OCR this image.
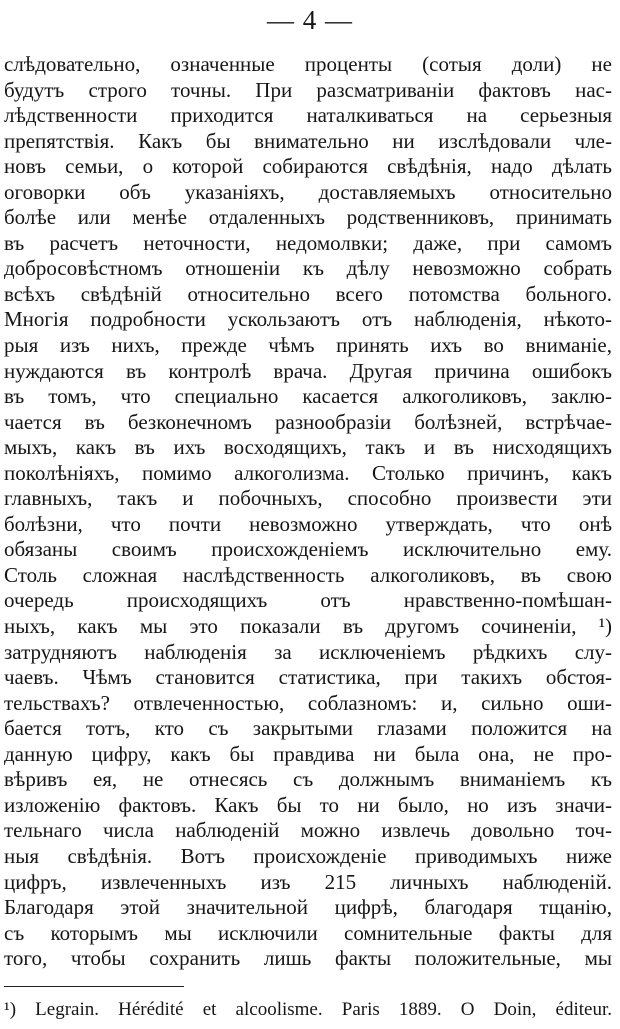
— 4 —
слѣдовательно, означенные проценты (сотыя доли) не
будутъ строго точны. При разсматриваніи фактовъ нас-
лѣдственности приходится наталкиваться на серьезныя
препятствія. Какъ бы внимательно ни изслѣдовали чле-
новъ семьи, о которой собираются свѣдѣнія, надо дѣлать
оговорки объ указаніяхъ, доставляемыхъ относительно
болѣе или менѣе отдаленныхъ родственниковъ, принимать
въ расчетъ неточности, недомолвки; даже, при самомъ
добросовѣстномъ отношеніи къ дѣлу невозможно собрать
всѣхъ свѣдѣній относительно всего потомства больного.
Многія подробности ускользаютъ отъ наблюденія, нѣкото-
рыя изъ нихъ, прежде чѣмъ принять ихъ во вниманіе,
нуждаются въ контролѣ врача. Другая причина ошибокъ
въ томъ, что специально касается алкоголиковъ, заклю-
чается въ безконечномъ разнообразіи болѣзней, встрѣчае-
мыхъ, какъ въ ихъ восходящихъ, такъ и въ нисходящихъ
поколѣніяхъ, помимо алкоголизма. Столько причинъ, какъ
главныхъ, такъ и побочныхъ, способно произвести эти
болѣзни, что почти невозможно утверждать, что онѣ
обязаны своимъ происхожденіемъ исключительно ему.
Столь сложная наслѣдственность алкоголиковъ, въ свою
очередь происходящихъ отъ нравственно-помѣшан-
ныхъ, какъ мы это показали въ другомъ сочиненіи, ¹)
затрудняютъ наблюденія за исключеніемъ рѣдкихъ слу-
чаевъ. Чѣмъ становится статистика, при такихъ обстоя-
тельствахъ? отвлеченностью, соблазномъ: и, сильно оши-
бается тотъ, кто съ закрытыми глазами положится на
данную цифру, какъ бы правдива ни была она, не про-
вѣривъ ея, не отнесясь съ должнымъ вниманіемъ къ
изложенію фактовъ. Какъ бы то ни было, но изъ значи-
тельнаго числа наблюденій можно извлечь довольно точ-
ныя свѣдѣнія. Вотъ происхожденіе приводимыхъ ниже
цифръ, извлеченныхъ изъ 215 личныхъ наблюденій.
Благодаря этой значительной цифрѣ, благодаря тщанію,
съ которымъ мы исключили сомнительные факты для
того, чтобы сохранить лишь факты положительные, мы
¹) Legrain. Hérédité et alcoolisme. Paris 1889. O Doin, éditeur.
